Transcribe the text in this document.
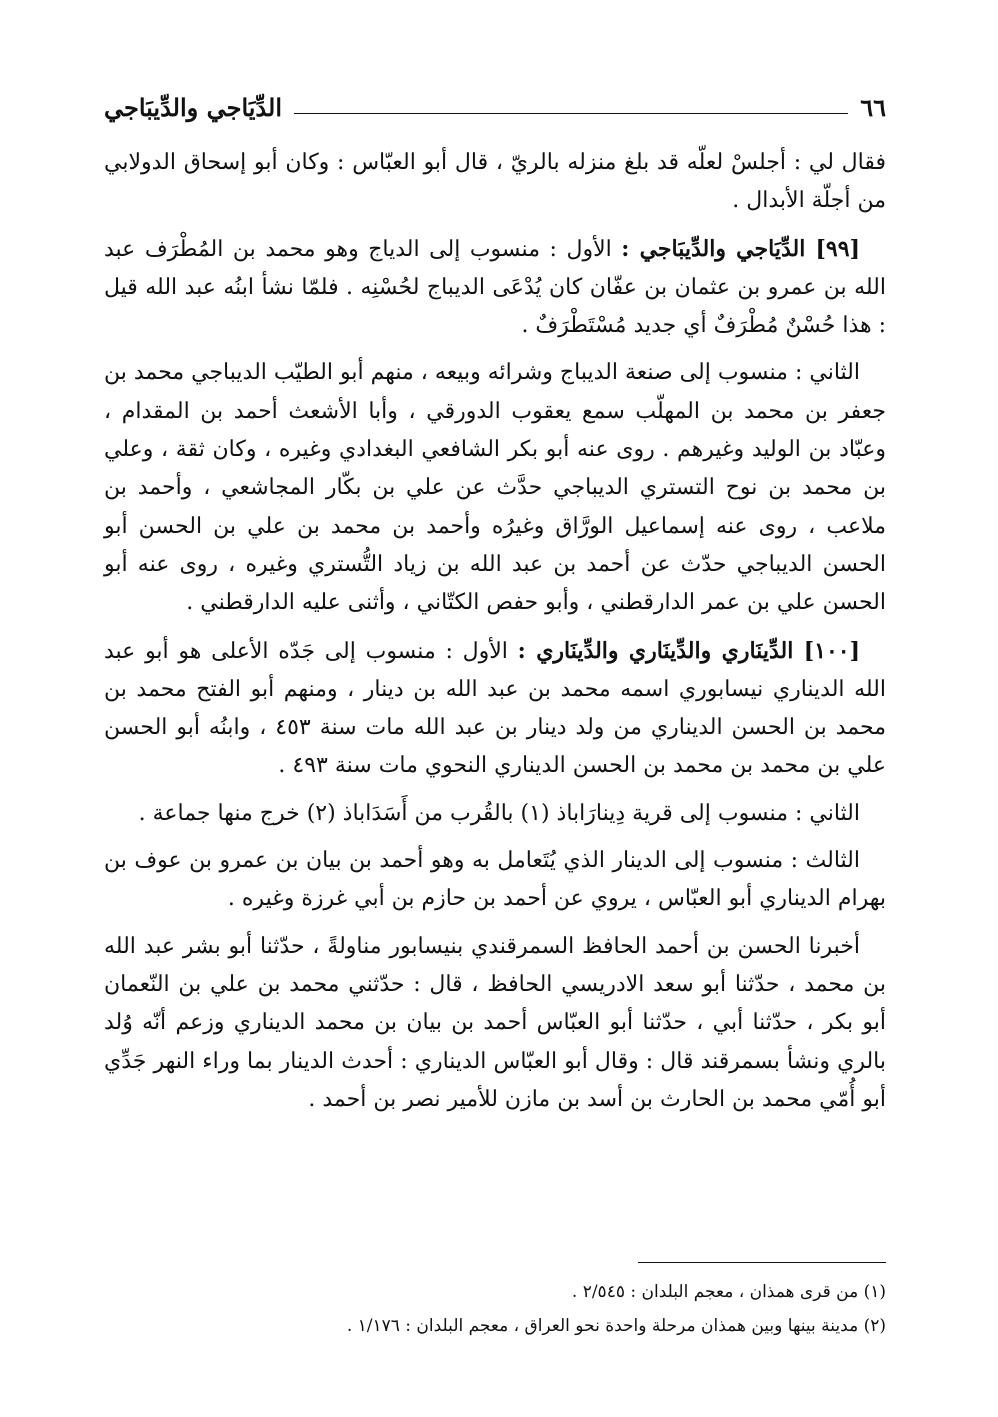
٦٦
الدِّيَاجي والدِّيبَاجي

فقال لي : أجلسْ لعلّه قد بلغ منزله بالريّ ، قال أبو العبّاس : وكان أبو إسحاق الدولابي من أجلّة الأبدال .

[٩٩] الدِّيَاجي والدِّيبَاجي : الأول : منسوب إلى الدياج وهو محمد بن المُطْرَف عبد الله بن عمرو بن عثمان بن عفّان كان يُدْعَى الديباج لحُسْنِه . فلمّا نشأ ابنُه عبد الله قيل : هذا حُسْنٌ مُطْرَفٌ أي جديد مُسْتَطْرَفٌ .

الثاني : منسوب إلى صنعة الديباج وشرائه وبيعه ، منهم أبو الطيّب الديباجي محمد بن جعفر بن محمد بن المهلّب سمع يعقوب الدورقي ، وأبا الأشعث أحمد بن المقدام ، وعبّاد بن الوليد وغيرهم . روى عنه أبو بكر الشافعي البغدادي وغيره ، وكان ثقة ، وعلي بن محمد بن نوح التستري الديباجي حدَّث عن علي بن بكّار المجاشعي ، وأحمد بن ملاعب ، روى عنه إسماعيل الورَّاق وغيرُه وأحمد بن محمد بن علي بن الحسن أبو الحسن الديباجي حدّث عن أحمد بن عبد الله بن زياد التُّستري وغيره ، روى عنه أبو الحسن علي بن عمر الدارقطني ، وأبو حفص الكتّاني ، وأثنى عليه الدارقطني .

[١٠٠] الدِّينَاري والدِّينَاري والدِّينَاري : الأول : منسوب إلى جَدّه الأعلى هو أبو عبد الله الديناري نيسابوري اسمه محمد بن عبد الله بن دينار ، ومنهم أبو الفتح محمد بن محمد بن الحسن الديناري من ولد دينار بن عبد الله مات سنة ٤٥٣ ، وابنُه أبو الحسن علي بن محمد بن محمد بن الحسن الديناري النحوي مات سنة ٤٩٣ .

الثاني : منسوب إلى قرية دِينارَاباذ (١) بالقُرب من أَسَدَاباذ (٢) خرج منها جماعة .

الثالث : منسوب إلى الدينار الذي يُتَعامل به وهو أحمد بن بيان بن عمرو بن عوف بن بهرام الديناري أبو العبّاس ، يروي عن أحمد بن حازم بن أبي غرزة وغيره .

أخبرنا الحسن بن أحمد الحافظ السمرقندي بنيسابور مناولةً ، حدّثنا أبو بشر عبد الله بن محمد ، حدّثنا أبو سعد الادريسي الحافظ ، قال : حدّثني محمد بن علي بن النّعمان أبو بكر ، حدّثنا أبي ، حدّثنا أبو العبّاس أحمد بن بيان بن محمد الديناري وزعم أنّه وُلد بالري ونشأ بسمرقند قال : وقال أبو العبّاس الديناري : أحدث الدينار بما وراء النهر جَدِّي أبو أُمّي محمد بن الحارث بن أسد بن مازن للأمير نصر بن أحمد .

(١) من قرى همذان ، معجم البلدان : ٢/٥٤٥ .

(٢) مدينة بينها وبين همذان مرحلة واحدة نحو العراق ، معجم البلدان : ١/١٧٦ .
